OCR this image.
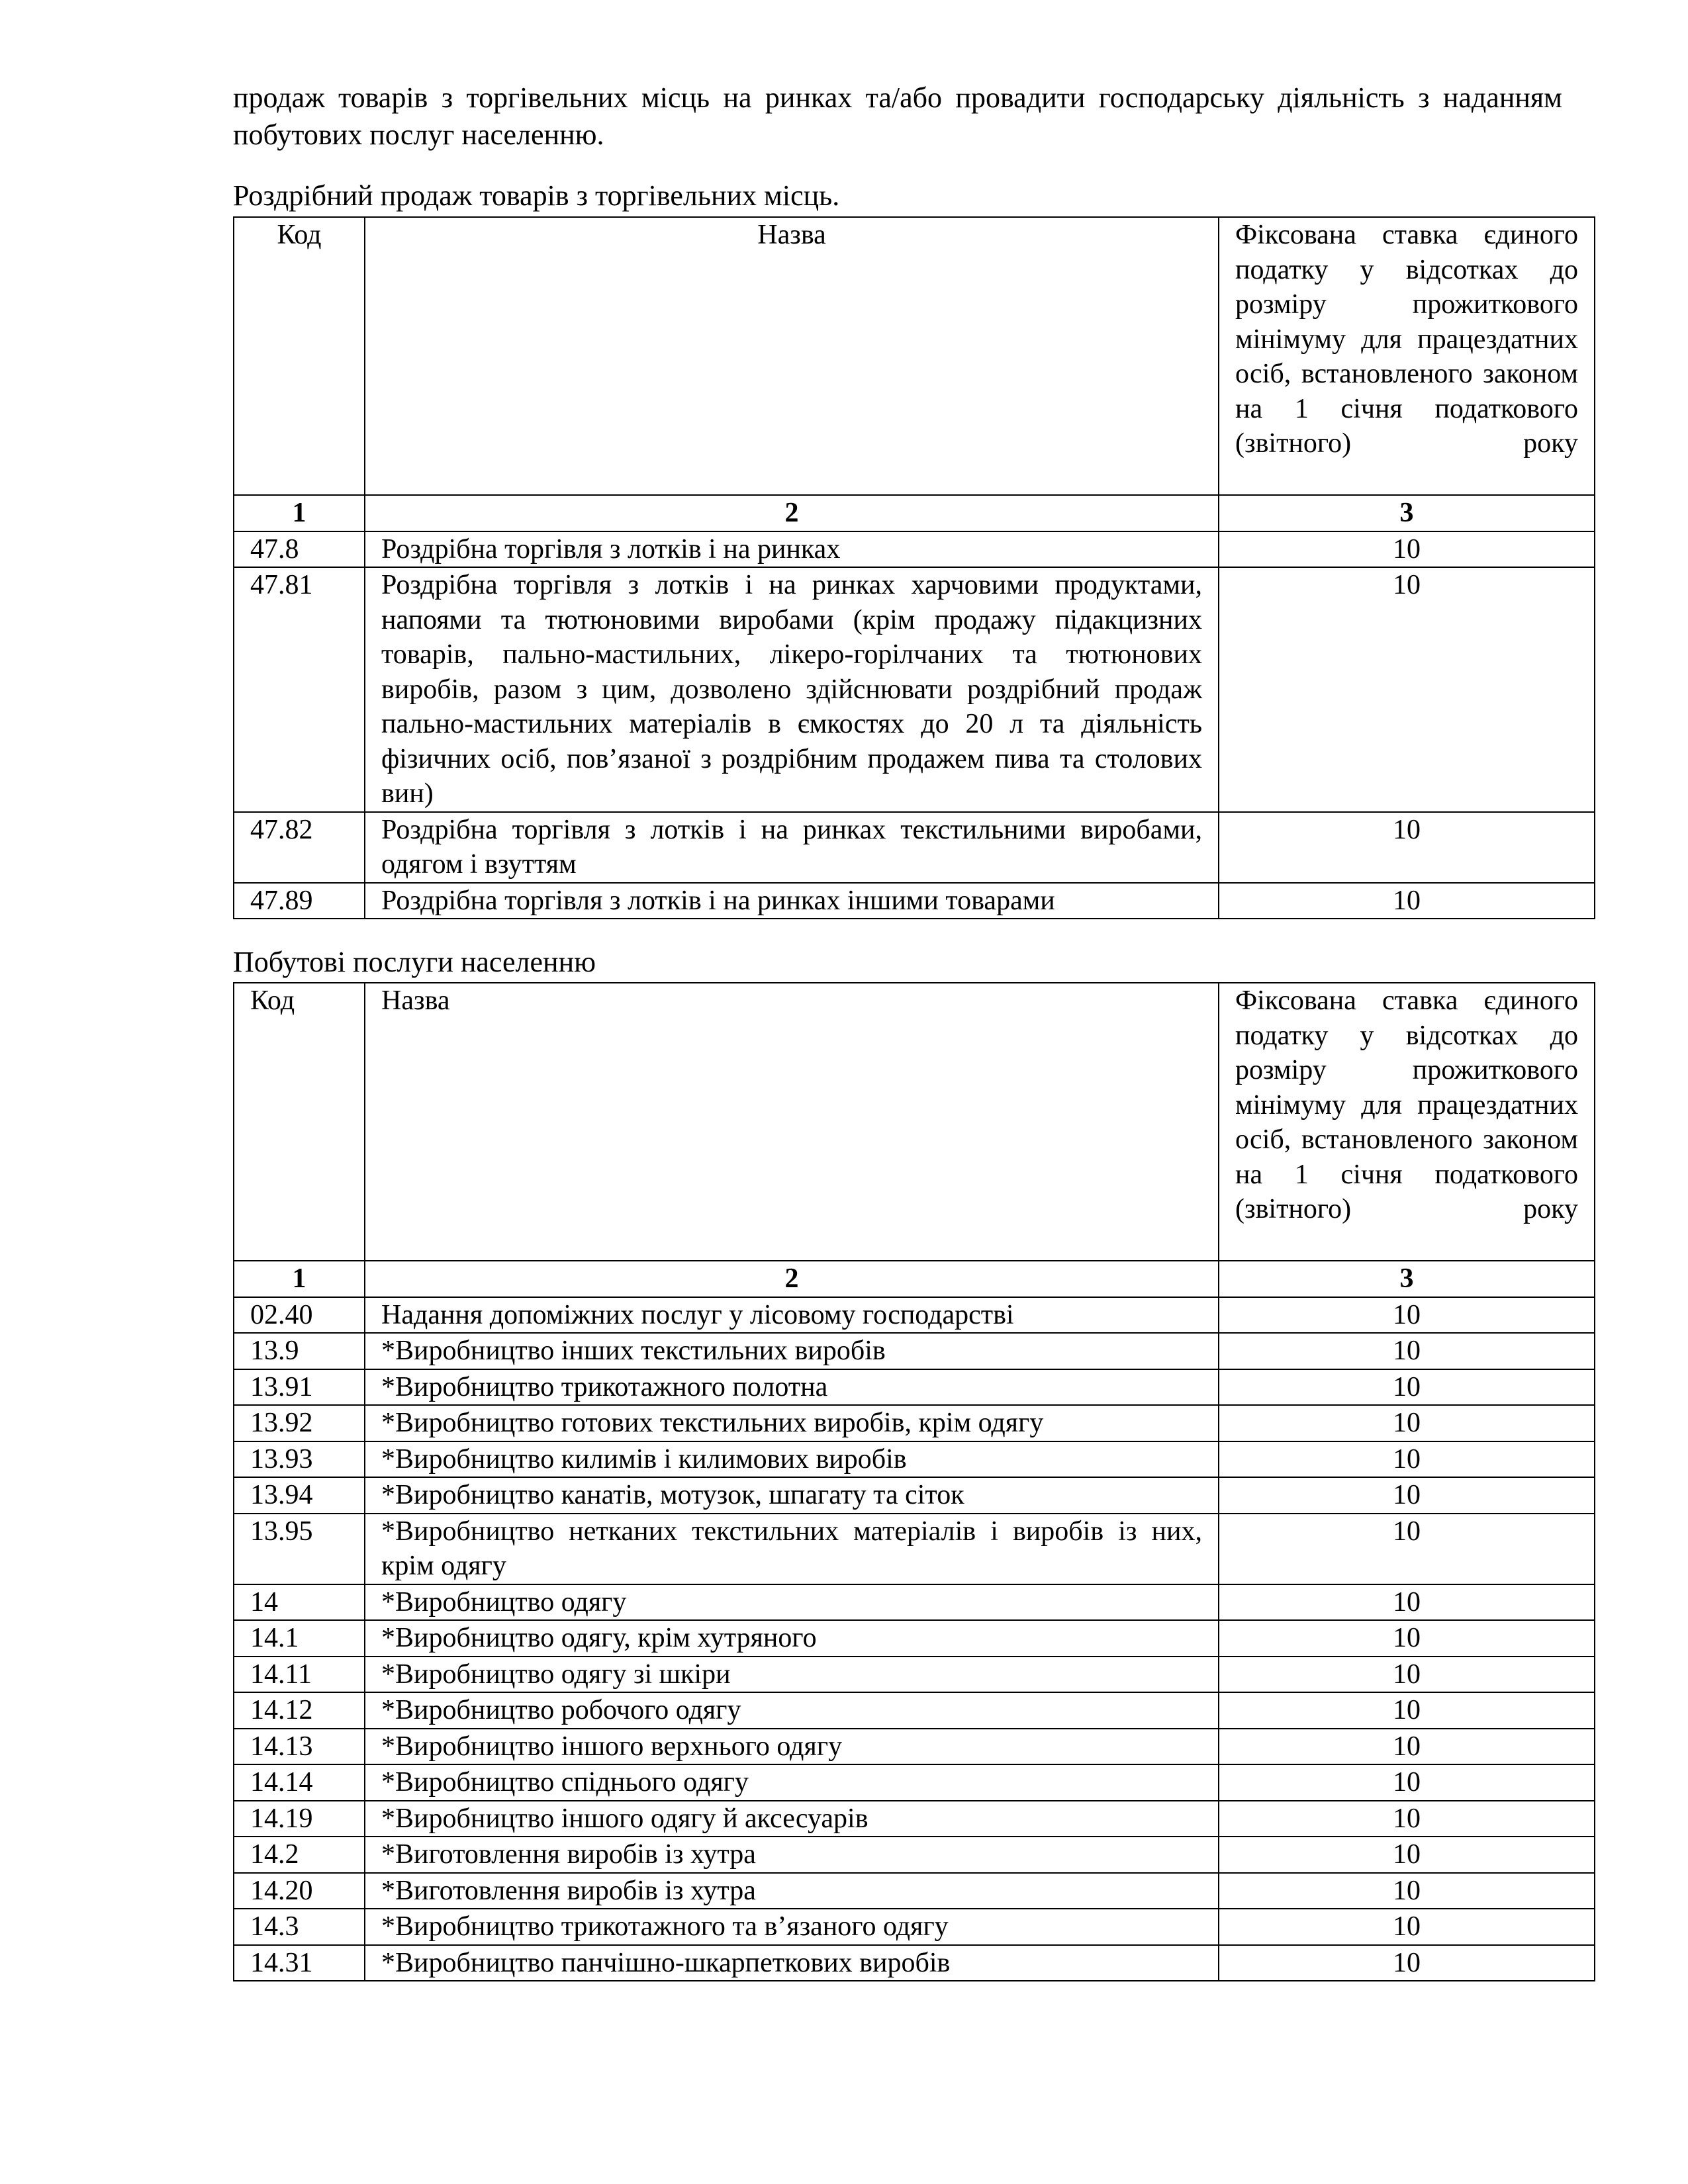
продаж товарів з торгівельних місць на ринках та/або провадити господарську діяльність з наданням побутових послуг населенню.
Роздрібний продаж товарів з торгівельних місць.
Код	Назва	Фіксована ставка єдиного податку у відсотках до розміру прожиткового мінімуму для працездатних осіб, встановленого законом на 1 січня податкового (звітного) року
1	2	3
47.8	Роздрібна торгівля з лотків і на ринках	10
47.81	Роздрібна торгівля з лотків і на ринках харчовими продуктами, напоями та тютюновими виробами (крім продажу підакцизних товарів, пально-мастильних, лікеро-горілчаних та тютюнових виробів, разом з цим, дозволено здійснювати роздрібний продаж пально-мастильних матеріалів в ємкостях до 20 л та діяльність фізичних осіб, пов’язаної з роздрібним продажем пива та столових вин)	10
47.82	Роздрібна торгівля з лотків і на ринках текстильними виробами, одягом і взуттям	10
47.89	Роздрібна торгівля з лотків і на ринках іншими товарами	10
Побутові послуги населенню
Код	Назва	Фіксована ставка єдиного податку у відсотках до розміру прожиткового мінімуму для працездатних осіб, встановленого законом на 1 січня податкового (звітного) року
1	2	3
02.40	Надання допоміжних послуг у лісовому господарстві	10
13.9	*Виробництво інших текстильних виробів	10
13.91	*Виробництво трикотажного полотна	10
13.92	*Виробництво готових текстильних виробів, крім одягу	10
13.93	*Виробництво килимів і килимових виробів	10
13.94	*Виробництво канатів, мотузок, шпагату та сіток	10
13.95	*Виробництво нетканих текстильних матеріалів і виробів із них, крім одягу	10
14	*Виробництво одягу	10
14.1	*Виробництво одягу, крім хутряного	10
14.11	*Виробництво одягу зі шкіри	10
14.12	*Виробництво робочого одягу	10
14.13	*Виробництво іншого верхнього одягу	10
14.14	*Виробництво спіднього одягу	10
14.19	*Виробництво іншого одягу й аксесуарів	10
14.2	*Виготовлення виробів із хутра	10
14.20	*Виготовлення виробів із хутра	10
14.3	*Виробництво трикотажного та в’язаного одягу	10
14.31	*Виробництво панчішно-шкарпеткових виробів	10
